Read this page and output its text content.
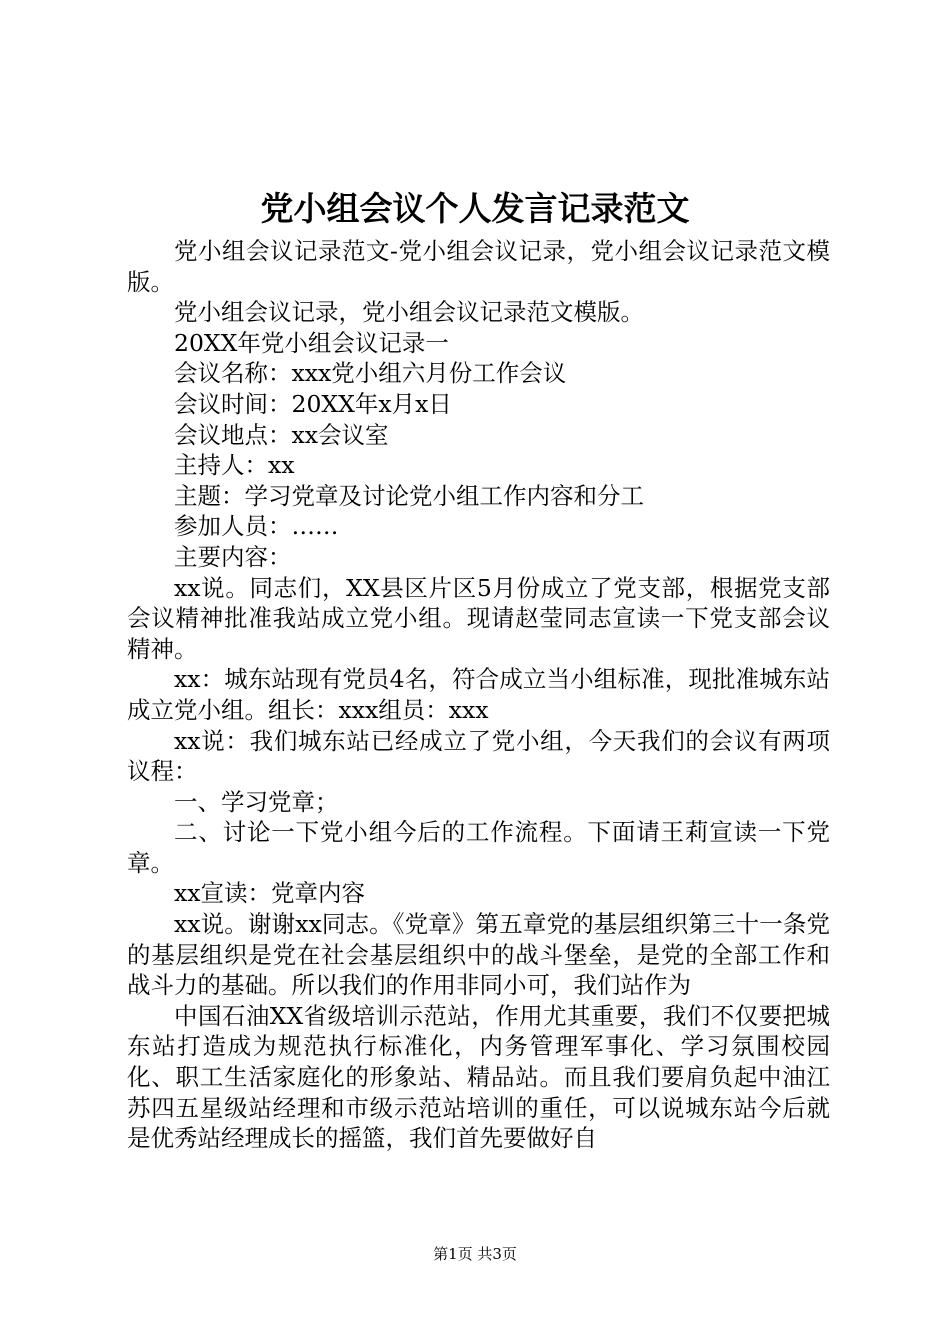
党小组会议个人发言记录范文

党小组会议记录范文-党小组会议记录，党小组会议记录范文模版。

党小组会议记录，党小组会议记录范文模版。

20XX年党小组会议记录一

会议名称：xxx党小组六月份工作会议

会议时间：20XX年x月x日

会议地点：xx会议室

主持人：xx

主题：学习党章及讨论党小组工作内容和分工

参加人员：……

主要内容：

xx说。同志们，XX县区片区5月份成立了党支部，根据党支部会议精神批准我站成立党小组。现请赵莹同志宣读一下党支部会议精神。

xx：城东站现有党员4名，符合成立当小组标准，现批准城东站成立党小组。组长：xxx组员：xxx

xx说：我们城东站已经成立了党小组，今天我们的会议有两项议程：

一、学习党章；

二、讨论一下党小组今后的工作流程。下面请王莉宣读一下党章。

xx宣读：党章内容

xx说。谢谢xx同志。《党章》第五章党的基层组织第三十一条党的基层组织是党在社会基层组织中的战斗堡垒，是党的全部工作和战斗力的基础。所以我们的作用非同小可，我们站作为

中国石油XX省级培训示范站，作用尤其重要，我们不仅要把城东站打造成为规范执行标准化，内务管理军事化、学习氛围校园化、职工生活家庭化的形象站、精品站。而且我们要肩负起中油江苏四五星级站经理和市级示范站培训的重任，可以说城东站今后就是优秀站经理成长的摇篮，我们首先要做好自

第1页 共3页
